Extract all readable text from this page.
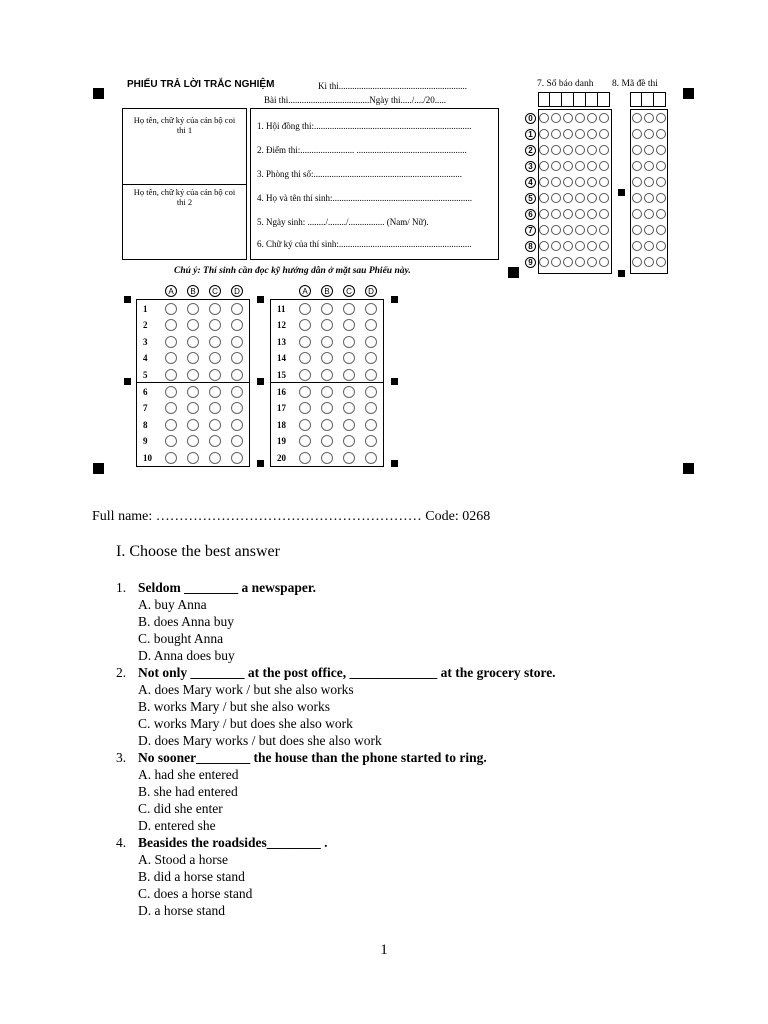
PHIẾU TRẢ LỜI TRẮC NGHIỆM	Kì thi.........................................................
Bài thi....................................Ngày thi...../..../20.....
Họ tên, chữ ký của cán bộ coi thi 1
Họ tên, chữ ký của cán bộ coi thi 2
1. Hội đồng thi:......................................................................
2. Điểm thi:........................ .................................................
3. Phòng thi số:..................................................................
4. Họ và tên thí sinh:..............................................................
5. Ngày sinh: ......../......../................ (Nam/ Nữ).
6. Chữ ký của thí sinh:...........................................................
7. Số báo danh 8. Mã đề thi
0
1
2
3
4
5
6
7
8
9
Chú ý: Thí sinh cần đọc kỹ hướng dẫn ở mặt sau Phiếu này.
A	B	C	D	A	B	C	D
1
2
3
4
5
6
7
8
9
10
11
12
13
14
15
16
17
18
19
20
Full name: ………………………………………………… Code: 0268
I. Choose the best answer
1. Seldom ________ a newspaper.
A. buy Anna
B. does Anna buy
C. bought Anna
D. Anna does buy
2. Not only ________ at the post office, _____________ at the grocery store.
A. does Mary work / but she also works
B. works Mary / but she also works
C. works Mary / but does she also work
D. does Mary works / but does she also work
3. No sooner________ the house than the phone started to ring.
A. had she entered
B. she had entered
C. did she enter
D. entered she
4. Beasides the roadsides________ .
A. Stood a horse
B. did a horse stand
C. does a horse stand
D. a horse stand
1
